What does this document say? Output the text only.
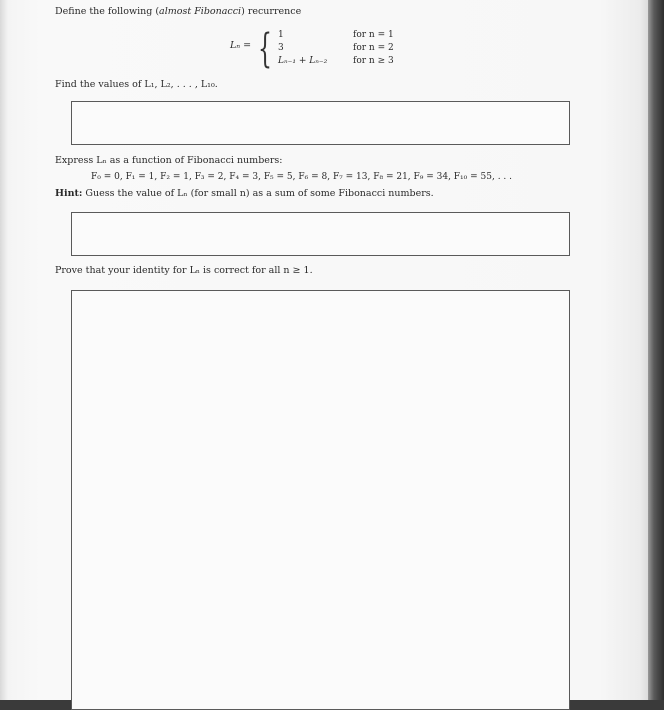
Define the following (almost Fibonacci) recurrence
Lₙ = { 1	for n = 1
3	for n = 2
Lₙ₋₁ + Lₙ₋₂	for n ≥ 3
Find the values of L₁, L₂, . . . , L₁₀.
Express Lₙ as a function of Fibonacci numbers:
F₀ = 0, F₁ = 1, F₂ = 1, F₃ = 2, F₄ = 3, F₅ = 5, F₆ = 8, F₇ = 13, F₈ = 21, F₉ = 34, F₁₀ = 55, . . .
Hint: Guess the value of Lₙ (for small n) as a sum of some Fibonacci numbers.
Prove that your identity for Lₙ is correct for all n ≥ 1.
